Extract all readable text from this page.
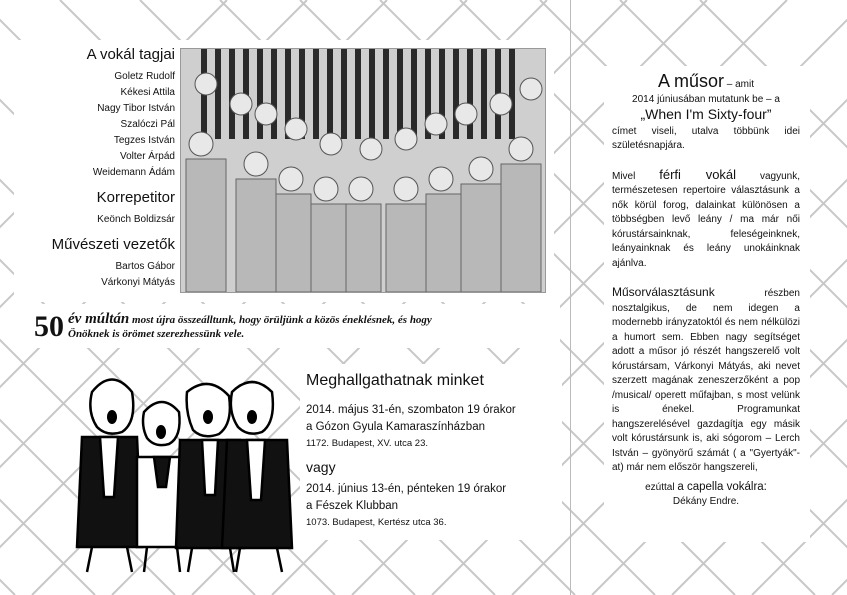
A vokál tagjai
Goletz Rudolf
Kékesi Attila
Nagy Tibor István
Szalóczi Pál
Tegzes István
Volter Árpád
Weidemann Ádám
Korrepetitor
Keönch Boldizsár
Művészeti vezetők
Bartos Gábor
Várkonyi Mátyás
50 év múltán most újra összeálltunk, hogy örüljünk a közös éneklésnek, és hogy
Önöknek is örömet szerezhessünk vele.
Meghallgathatnak minket
2014. május 31-én, szombaton 19 órakor
a Gózon Gyula Kamaraszínházban
1172. Budapest, XV. utca 23.
vagy
2014. június 13-én, pénteken 19 órakor
a Fészek Klubban
1073. Budapest, Kertész utca 36.

A műsor – amit
2014 júniusában mutatunk be – a
„When I'm Sixty-four”
címet viseli, utalva többünk idei születésnapjára.

Mivel férfi vokál vagyunk, természetesen repertoire választásunk a nők körül forog, dalainkat különösen a többségben levő leány / ma már női kórustársainknak, feleségeinknek, leányainknak és leány unokáinknak ajánlva.

Műsorválasztásunk részben nosztalgikus, de nem idegen a modernebb irányzatoktól és nem nélkülözi a humort sem. Ebben nagy segítséget adott a műsor jó részét hangszerelő volt kórustársam, Várkonyi Mátyás, aki nevet szerzett magának zeneszerzőként a pop /musical/ operett műfajban, s most velünk is énekel. Programunkat hangszerelésével gazdagítja egy másik volt kórustársunk is, aki sógorom – Lerch István – gyönyörű számát ( a "Gyertyák"-at) már nem először hangszereli,

ezúttal a capella vokálra:
Dékány Endre.
